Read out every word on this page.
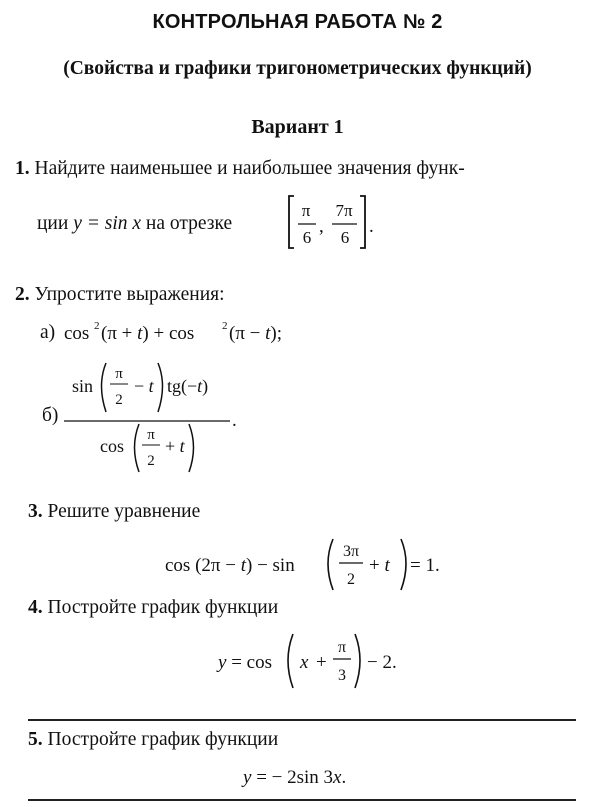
КОНТРОЛЬНАЯ РАБОТА № 2
(Свойства и графики тригонометрических функций)
Вариант 1
1. Найдите наименьшее и наибольшее значения функ-
ции y = sin x на отрезке
π
6
,
7π
6
.
2. Упростите выражения:
а) cos 2 (π + t) + cos	2 (π − t);
б)
sin
π
2
− t tg(−t)
.
cos
π
2
+ t
3. Решите уравнение
cos (2π − t) − sin
3π
2
+ t = 1.
4. Постройте график функции
y = cos x +
π
3
− 2.
5. Постройте график функции
y = − 2sin 3x.
